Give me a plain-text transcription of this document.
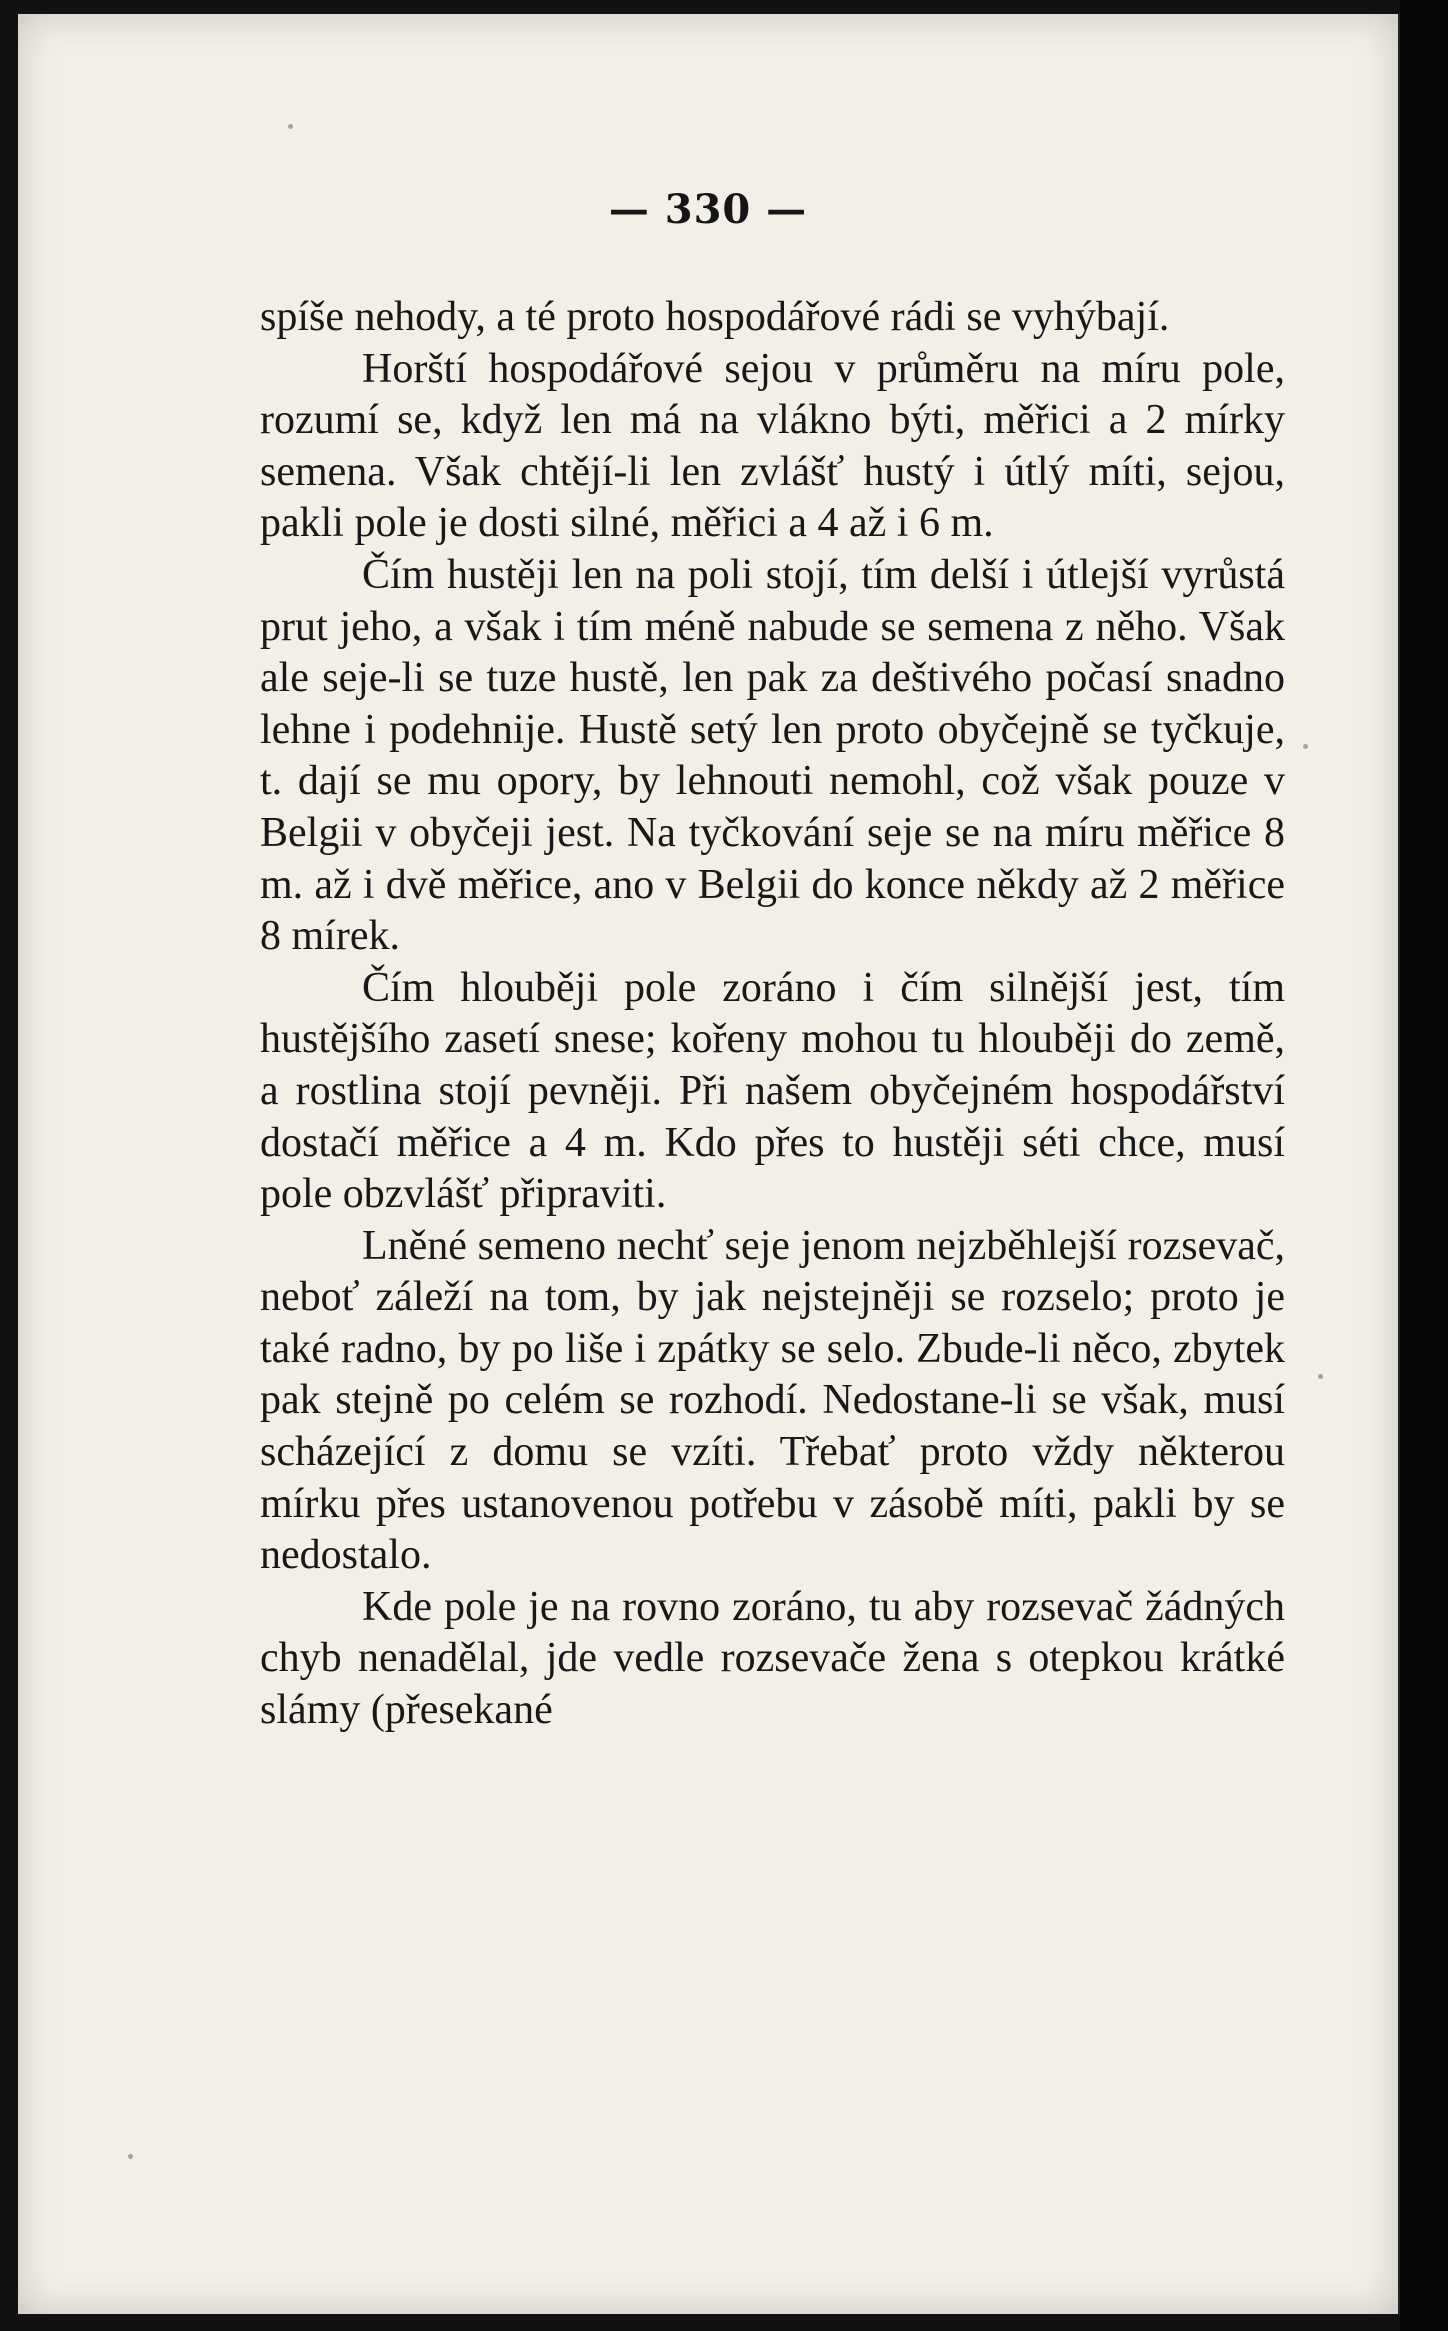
— 330 —

spíše nehody, a té proto hospodářové rádi se vyhýbají.

Horští hospodářové sejou v průměru na míru pole, rozumí se, když len má na vlákno býti, měřici a 2 mírky semena. Však chtějí-li len zvlášť hustý i útlý míti, sejou, pakli pole je dosti silné, měřici a 4 až i 6 m.

Čím hustěji len na poli stojí, tím delší i útlejší vyrůstá prut jeho, a však i tím méně nabude se semena z něho. Však ale seje-li se tuze hustě, len pak za deštivého počasí snadno lehne i podehnije. Hustě setý len proto obyčejně se tyčkuje, t. dají se mu opory, by lehnouti nemohl, což však pouze v Belgii v obyčeji jest. Na tyčkování seje se na míru měřice 8 m. až i dvě měřice, ano v Belgii do konce někdy až 2 měřice 8 mírek.

Čím hlouběji pole zoráno i čím silnější jest, tím hustějšího zasetí snese; kořeny mohou tu hlouběji do země, a rostlina stojí pevněji. Při našem obyčejném hospodářství dostačí měřice a 4 m. Kdo přes to hustěji séti chce, musí pole obzvlášť připraviti.

Lněné semeno nechť seje jenom nejzběhlejší rozsevač, neboť záleží na tom, by jak nejstejněji se rozselo; proto je také radno, by po liše i zpátky se selo. Zbude-li něco, zbytek pak stejně po celém se rozhodí. Nedostane-li se však, musí scházející z domu se vzíti. Třebať proto vždy některou mírku přes ustanovenou potřebu v zásobě míti, pakli by se nedostalo.

Kde pole je na rovno zoráno, tu aby rozsevač žádných chyb nenadělal, jde vedle rozsevače žena s otepkou krátké slámy (přesekané
